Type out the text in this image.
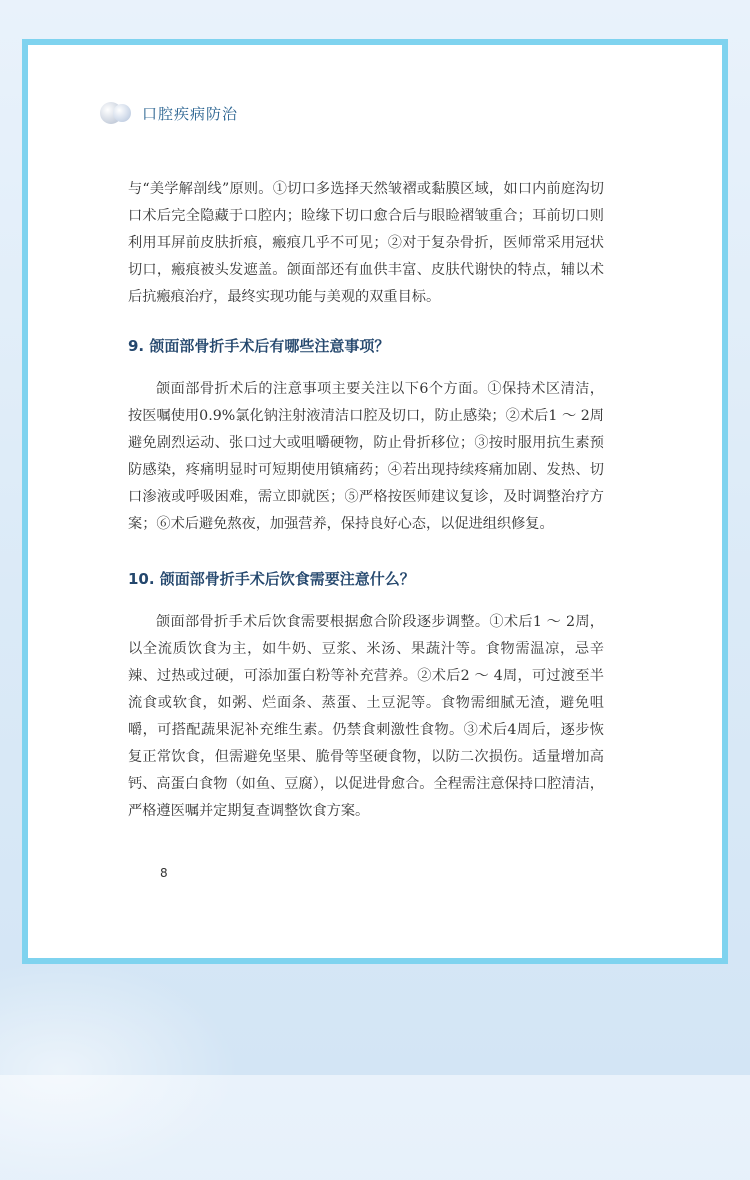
口腔疾病防治

与“美学解剖线”原则。①切口多选择天然皱褶或黏膜区域，如口内前庭沟切口术后完全隐藏于口腔内；睑缘下切口愈合后与眼睑褶皱重合；耳前切口则利用耳屏前皮肤折痕，瘢痕几乎不可见；②对于复杂骨折，医师常采用冠状切口，瘢痕被头发遮盖。颌面部还有血供丰富、皮肤代谢快的特点，辅以术后抗瘢痕治疗，最终实现功能与美观的双重目标。

9. 颌面部骨折手术后有哪些注意事项？

颌面部骨折术后的注意事项主要关注以下6个方面。①保持术区清洁，按医嘱使用0.9%氯化钠注射液清洁口腔及切口，防止感染；②术后1 ～ 2周避免剧烈运动、张口过大或咀嚼硬物，防止骨折移位；③按时服用抗生素预防感染，疼痛明显时可短期使用镇痛药；④若出现持续疼痛加剧、发热、切口渗液或呼吸困难，需立即就医；⑤严格按医师建议复诊，及时调整治疗方案；⑥术后避免熬夜，加强营养，保持良好心态，以促进组织修复。

10. 颌面部骨折手术后饮食需要注意什么？

颌面部骨折手术后饮食需要根据愈合阶段逐步调整。①术后1 ～ 2周，以全流质饮食为主，如牛奶、豆浆、米汤、果蔬汁等。食物需温凉，忌辛辣、过热或过硬，可添加蛋白粉等补充营养。②术后2 ～ 4周，可过渡至半流食或软食，如粥、烂面条、蒸蛋、土豆泥等。食物需细腻无渣，避免咀嚼，可搭配蔬果泥补充维生素。仍禁食刺激性食物。③术后4周后，逐步恢复正常饮食，但需避免坚果、脆骨等坚硬食物，以防二次损伤。适量增加高钙、高蛋白食物（如鱼、豆腐），以促进骨愈合。全程需注意保持口腔清洁，严格遵医嘱并定期复查调整饮食方案。

8
